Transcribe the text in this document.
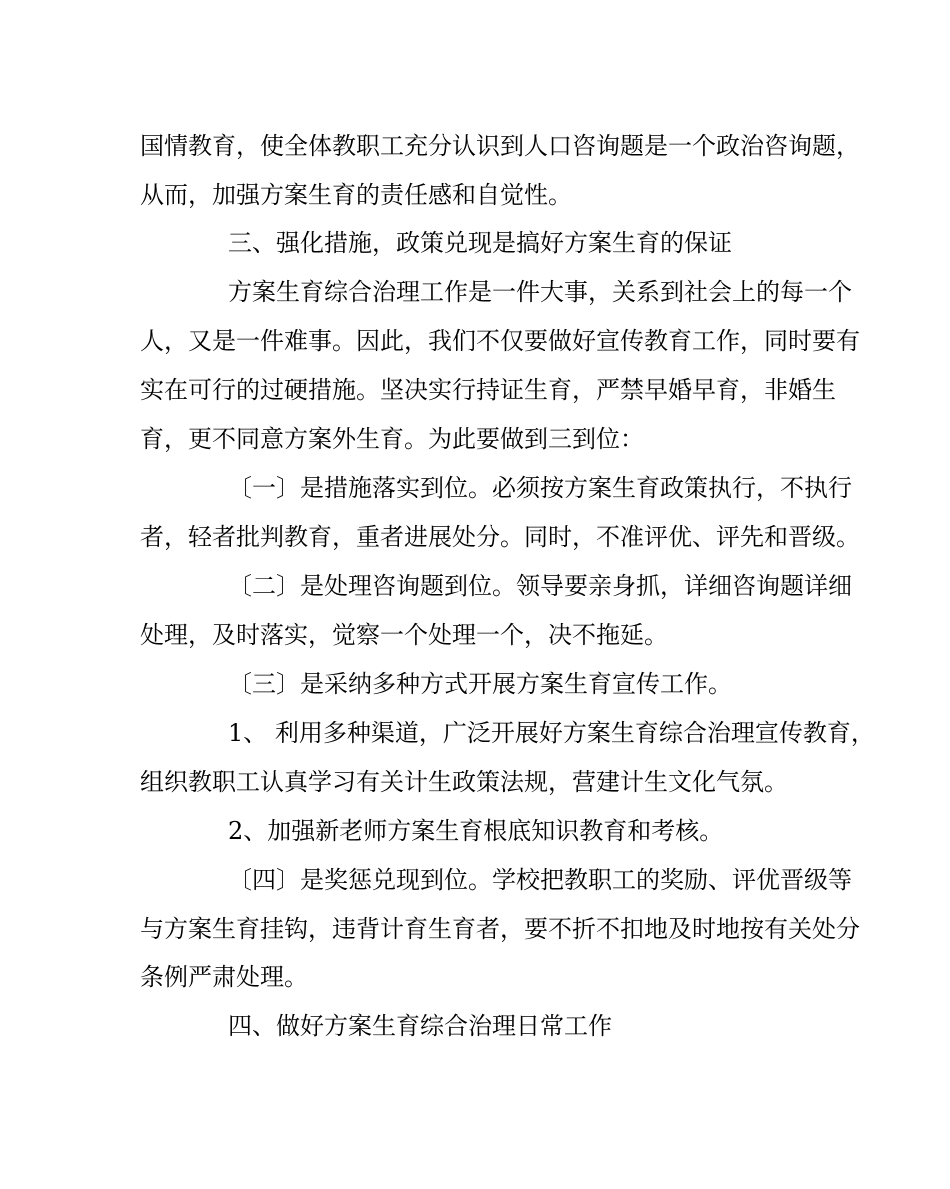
国情教育，使全体教职工充分认识到人口咨询题是一个政治咨询题，
从而，加强方案生育的责任感和自觉性。
三、强化措施，政策兑现是搞好方案生育的保证
方案生育综合治理工作是一件大事，关系到社会上的每一个
人，又是一件难事。因此，我们不仅要做好宣传教育工作，同时要有
实在可行的过硬措施。坚决实行持证生育，严禁早婚早育，非婚生
育，更不同意方案外生育。为此要做到三到位：
〔一〕是措施落实到位。必须按方案生育政策执行，不执行
者，轻者批判教育，重者进展处分。同时，不准评优、评先和晋级。
〔二〕是处理咨询题到位。领导要亲身抓，详细咨询题详细
处理，及时落实，觉察一个处理一个，决不拖延。
〔三〕是采纳多种方式开展方案生育宣传工作。
1、 利用多种渠道，广泛开展好方案生育综合治理宣传教育，
组织教职工认真学习有关计生政策法规，营建计生文化气氛。
2、加强新老师方案生育根底知识教育和考核。
〔四〕是奖惩兑现到位。学校把教职工的奖励、评优晋级等
与方案生育挂钩，违背计育生育者，要不折不扣地及时地按有关处分
条例严肃处理。
四、做好方案生育综合治理日常工作
